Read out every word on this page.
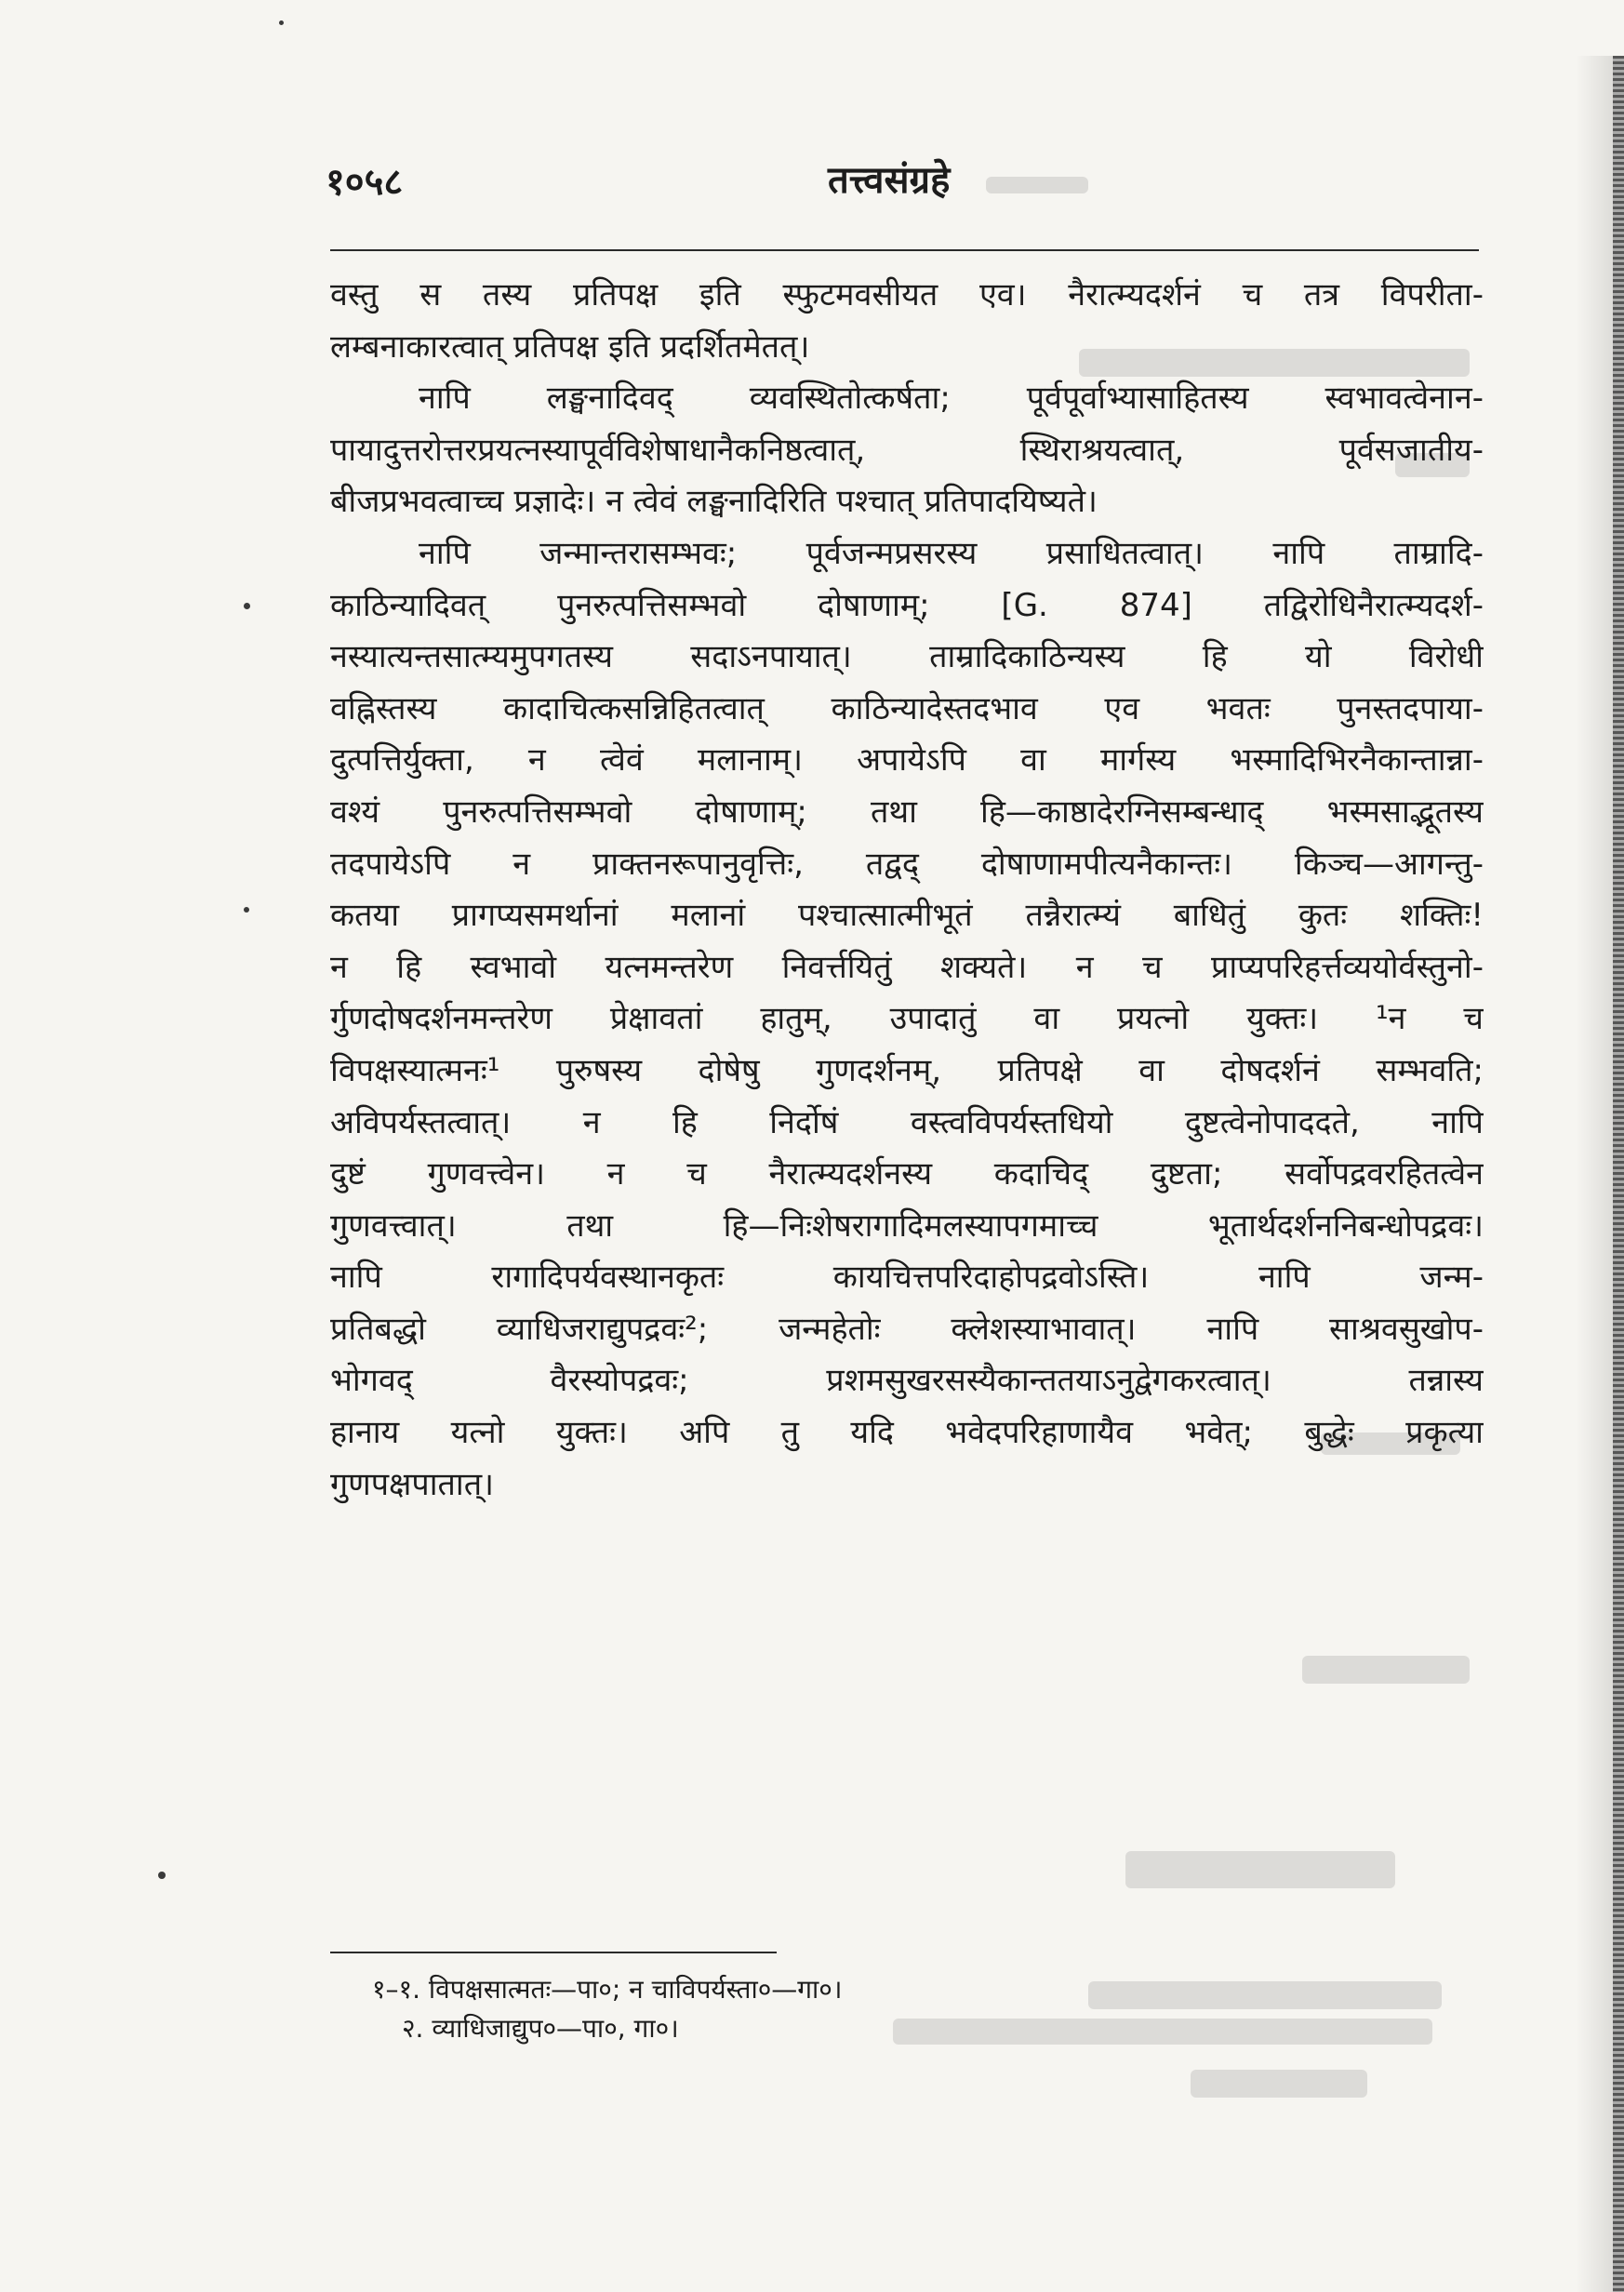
१०५८	तत्त्वसंग्रहे
वस्तु स तस्य प्रतिपक्ष इति स्फुटमवसीयत एव। नैरात्म्यदर्शनं च तत्र विपरीता-
लम्बनाकारत्वात् प्रतिपक्ष इति प्रदर्शितमेतत्।
नापि लङ्घनादिवद् व्यवस्थितोत्कर्षता; पूर्वपूर्वाभ्यासाहितस्य स्वभावत्वेनान-
पायादुत्तरोत्तरप्रयत्नस्यापूर्वविशेषाधानैकनिष्ठत्वात्, स्थिराश्रयत्वात्, पूर्वसजातीय-
बीजप्रभवत्वाच्च प्रज्ञादेः। न त्वेवं लङ्घनादिरिति पश्चात् प्रतिपादयिष्यते।
नापि जन्मान्तरासम्भवः; पूर्वजन्मप्रसरस्य प्रसाधितत्वात्। नापि ताम्रादि-
काठिन्यादिवत् पुनरुत्पत्तिसम्भवो दोषाणाम्; [G. 874] तद्विरोधिनैरात्म्यदर्श-
नस्यात्यन्तसात्म्यमुपगतस्य सदाऽनपायात्। ताम्रादिकाठिन्यस्य हि यो विरोधी
वह्निस्तस्य कादाचित्कसन्निहितत्वात् काठिन्यादेस्तदभाव एव भवतः पुनस्तदपाया-
दुत्पत्तिर्युक्ता, न त्वेवं मलानाम्। अपायेऽपि वा मार्गस्य भस्मादिभिरनैकान्तान्ना-
वश्यं पुनरुत्पत्तिसम्भवो दोषाणाम्; तथा हि—काष्ठादेरग्निसम्बन्धाद् भस्मसाद्भूतस्य
तदपायेऽपि न प्राक्तनरूपानुवृत्तिः, तद्वद् दोषाणामपीत्यनैकान्तः। किञ्च—आगन्तु-
कतया प्रागप्यसमर्थानां मलानां पश्चात्सात्मीभूतं तन्नैरात्म्यं बाधितुं कुतः शक्तिः!
न हि स्वभावो यत्नमन्तरेण निवर्त्तयितुं शक्यते। न च प्राप्यपरिहर्त्तव्ययोर्वस्तुनो-
र्गुणदोषदर्शनमन्तरेण प्रेक्षावतां हातुम्, उपादातुं वा प्रयत्नो युक्तः। ¹न च
विपक्षस्यात्मनः¹ पुरुषस्य दोषेषु गुणदर्शनम्, प्रतिपक्षे वा दोषदर्शनं सम्भवति;
अविपर्यस्तत्वात्। न हि निर्दोषं वस्त्वविपर्यस्तधियो दुष्टत्वेनोपाददते, नापि
दुष्टं गुणवत्त्वेन। न च नैरात्म्यदर्शनस्य कदाचिद् दुष्टता; सर्वोपद्रवरहितत्वेन
गुणवत्त्वात्। तथा हि—निःशेषरागादिमलस्यापगमाच्च भूतार्थदर्शननिबन्धोपद्रवः।
नापि रागादिपर्यवस्थानकृतः कायचित्तपरिदाहोपद्रवोऽस्ति। नापि जन्म-
प्रतिबद्धो व्याधिजराद्युपद्रवः²; जन्महेतोः क्लेशस्याभावात्। नापि साश्रवसुखोप-
भोगवद् वैरस्योपद्रवः; प्रशमसुखरसस्यैकान्ततयाऽनुद्वेगकरत्वात्। तन्नास्य
हानाय यत्नो युक्तः। अपि तु यदि भवेदपरिहाणायैव भवेत्; बुद्धेः प्रकृत्या
गुणपक्षपातात्।
१–१. विपक्षसात्मतः—पा०; न चाविपर्यस्ता०—गा०।
२. व्याधिजाद्युप०—पा०, गा०।
